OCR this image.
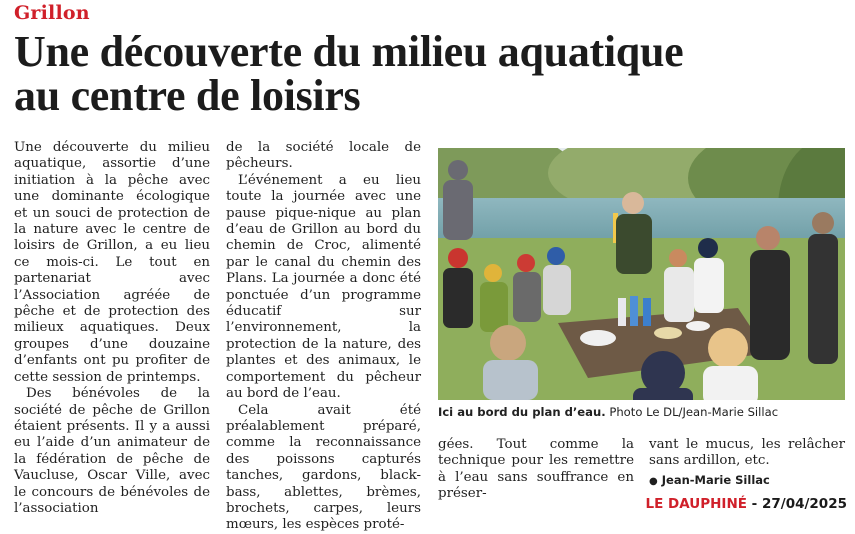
Grillon
Une découverte du milieu aquatique
au centre de loisirs

Une découverte du milieu aquatique, assortie d’une initiation à la pêche avec une dominante écologique et un souci de protection de la nature avec le centre de loisirs de Grillon, a eu lieu ce mois-ci. Le tout en partenariat avec l’Association agréée de pêche et de protection des milieux aquatiques. Deux groupes d’une douzaine d’enfants ont pu profiter de cette session de printemps.

Des bénévoles de la société de pêche de Grillon étaient présents. Il y a aussi eu l’aide d’un animateur de la fédération de pêche de Vaucluse, Oscar Ville, avec le concours de bénévoles de l’association

de la société locale de pêcheurs.

L’événement a eu lieu toute la journée avec une pause pique-nique au plan d’eau de Grillon au bord du chemin de Croc, alimenté par le canal du chemin des Plans. La journée a donc été ponctuée d’un programme éducatif sur l’environnement, la protection de la nature, des plantes et des animaux, le comportement du pêcheur au bord de l’eau.

Cela avait été préalablement préparé, comme la reconnaissance des poissons capturés tanches, gardons, black-bass, ablettes, brèmes, brochets, carpes, leurs mœurs, les espèces proté-

Ici au bord du plan d’eau. Photo Le DL/Jean-Marie Sillac

gées. Tout comme la technique pour les remettre à l’eau sans souffrance en préser-

vant le mucus, les relâcher sans ardillon, etc.

● Jean-Marie Sillac
LE DAUPHINÉ - 27/04/2025
